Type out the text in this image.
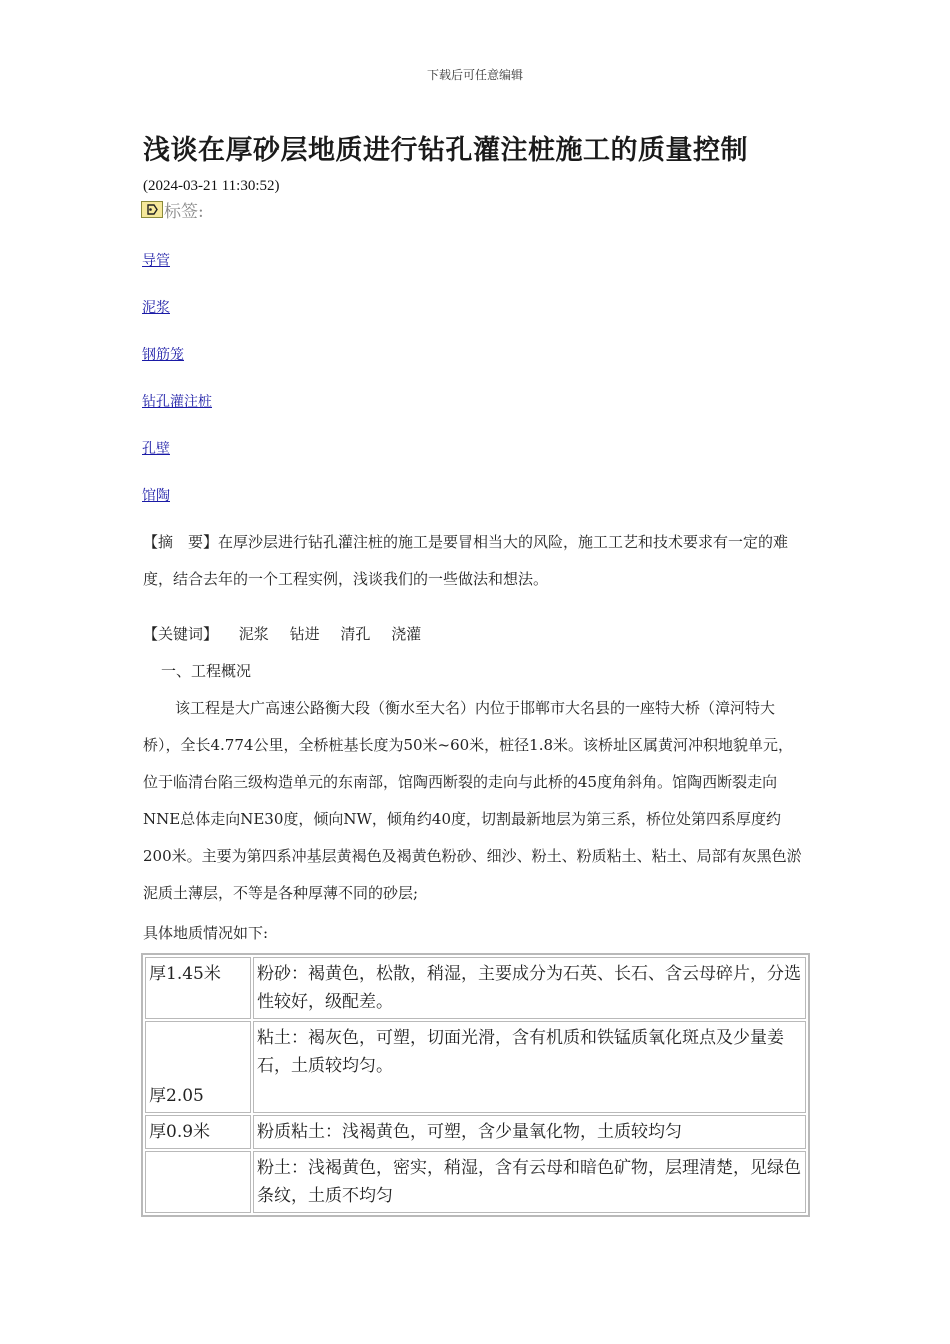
下载后可任意编辑
浅谈在厚砂层地质进行钻孔灌注桩施工的质量控制
(2024-03-21 11:30:52)
标签:
导管
泥浆
钢筋笼
钻孔灌注桩
孔壁
馆陶

【摘　要】在厚沙层进行钻孔灌注桩的施工是要冒相当大的风险，施工工艺和技术要求有一定的难度，结合去年的一个工程实例，浅谈我们的一些做法和想法。

【关键词】 泥浆 钻进 清孔 浇灌

一、工程概况

该工程是大广高速公路衡大段（衡水至大名）内位于邯郸市大名县的一座特大桥（漳河特大桥），全长4.774公里，全桥桩基长度为50米~60米，桩径1.8米。该桥址区属黄河冲积地貌单元，位于临清台陷三级构造单元的东南部，馆陶西断裂的走向与此桥的45度角斜角。馆陶西断裂走向NNE总体走向NE30度，倾向NW，倾角约40度，切割最新地层为第三系，桥位处第四系厚度约200米。主要为第四系冲基层黄褐色及褐黄色粉砂、细沙、粉土、粉质粘土、粘土、局部有灰黑色淤泥质土薄层，不等是各种厚薄不同的砂层;

具体地质情况如下:
厚1.45米	粉砂：褐黄色，松散，稍湿，主要成分为石英、长石、含云母碎片，分选性较好，级配差。
厚2.05	粘土：褐灰色，可塑，切面光滑，含有机质和铁锰质氧化斑点及少量姜石，土质较均匀。
厚0.9米	粉质粘土：浅褐黄色，可塑，含少量氧化物，土质较均匀
	粉土：浅褐黄色，密实，稍湿，含有云母和暗色矿物，层理清楚，见绿色条纹，土质不均匀
